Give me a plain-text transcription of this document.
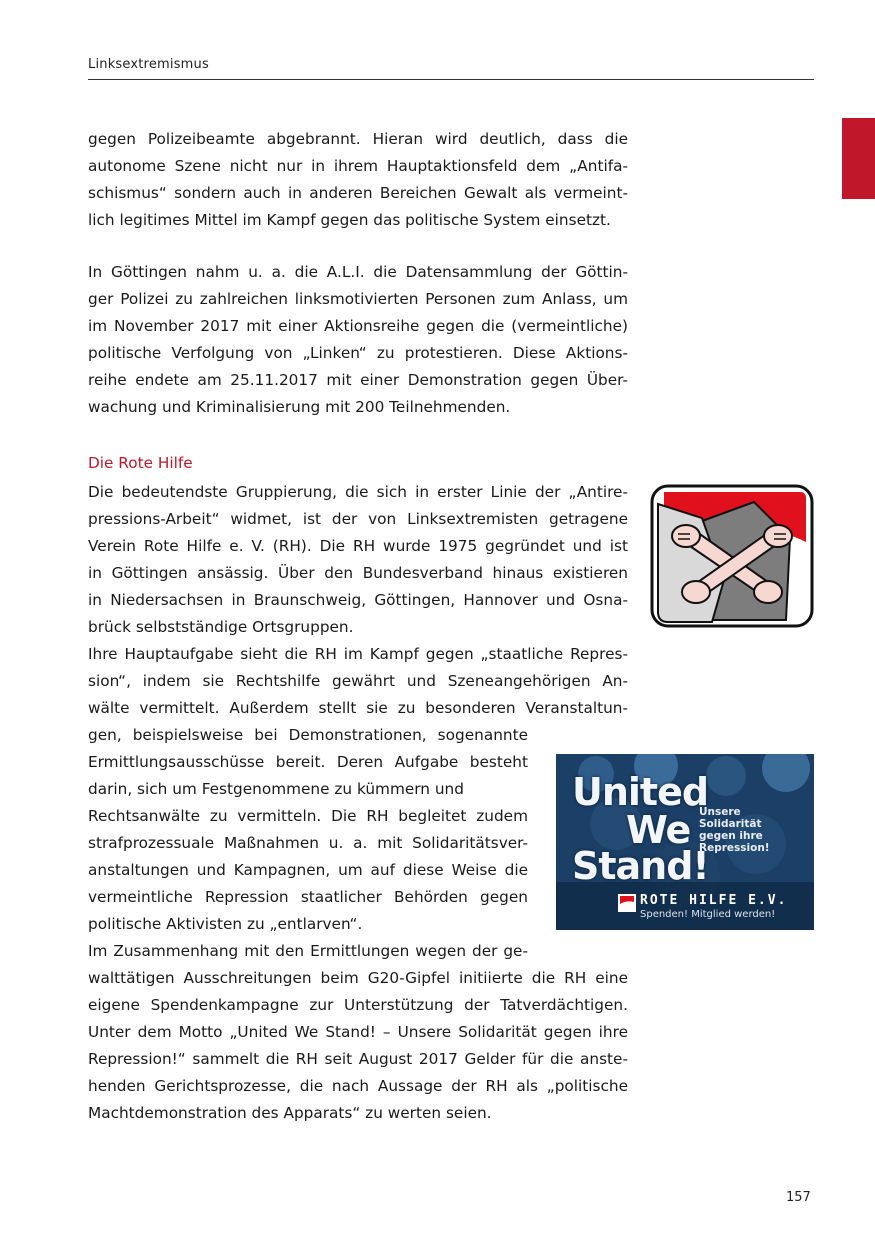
Linksextremismus

gegen Polizeibeamte abgebrannt. Hieran wird deutlich, dass die
autonome Szene nicht nur in ihrem Hauptaktionsfeld dem „Antifa-
schismus“ sondern auch in anderen Bereichen Gewalt als vermeint-
lich legitimes Mittel im Kampf gegen das politische System einsetzt.

In Göttingen nahm u. a. die A.L.I. die Datensammlung der Göttin-
ger Polizei zu zahlreichen linksmotivierten Personen zum Anlass, um
im November 2017 mit einer Aktionsreihe gegen die (vermeintliche)
politische Verfolgung von „Linken“ zu protestieren. Diese Aktions-
reihe endete am 25.11.2017 mit einer Demonstration gegen Über-
wachung und Kriminalisierung mit 200 Teilnehmenden.

Die Rote Hilfe

Die bedeutendste Gruppierung, die sich in erster Linie der „Antire-
pressions-Arbeit“ widmet, ist der von Linksextremisten getragene
Verein Rote Hilfe e. V. (RH). Die RH wurde 1975 gegründet und ist
in Göttingen ansässig. Über den Bundesverband hinaus existieren
in Niedersachsen in Braunschweig, Göttingen, Hannover und Osna-
brück selbstständige Ortsgruppen.

Ihre Hauptaufgabe sieht die RH im Kampf gegen „staatliche Repres-
sion“, indem sie Rechtshilfe gewährt und Szeneangehörigen An-
wälte vermittelt. Außerdem stellt sie zu besonderen Veranstaltun-

gen, beispielsweise bei Demonstrationen, sogenannte
Ermittlungsausschüsse bereit. Deren Aufgabe besteht
darin, sich um Festgenommene zu kümmern und
Rechtsanwälte zu vermitteln. Die RH begleitet zudem
strafprozessuale Maßnahmen u. a. mit Solidaritätsver-
anstaltungen und Kampagnen, um auf diese Weise die
vermeintliche Repression staatlicher Behörden gegen
politische Aktivisten zu „entlarven“.
Im Zusammenhang mit den Ermittlungen wegen der ge-

walttätigen Ausschreitungen beim G20-Gipfel initiierte die RH eine
eigene Spendenkampagne zur Unterstützung der Tatverdächtigen.
Unter dem Motto „United We Stand! – Unsere Solidarität gegen ihre
Repression!“ sammelt die RH seit August 2017 Gelder für die anste-
henden Gerichtsprozesse, die nach Aussage der RH als „politische
Machtdemonstration des Apparats“ zu werten seien.

United
We
Stand!
Unsere
Solidarität
gegen ihre
Repression!
ROTE HILFE E.V.
Spenden! Mitglied werden!
157
